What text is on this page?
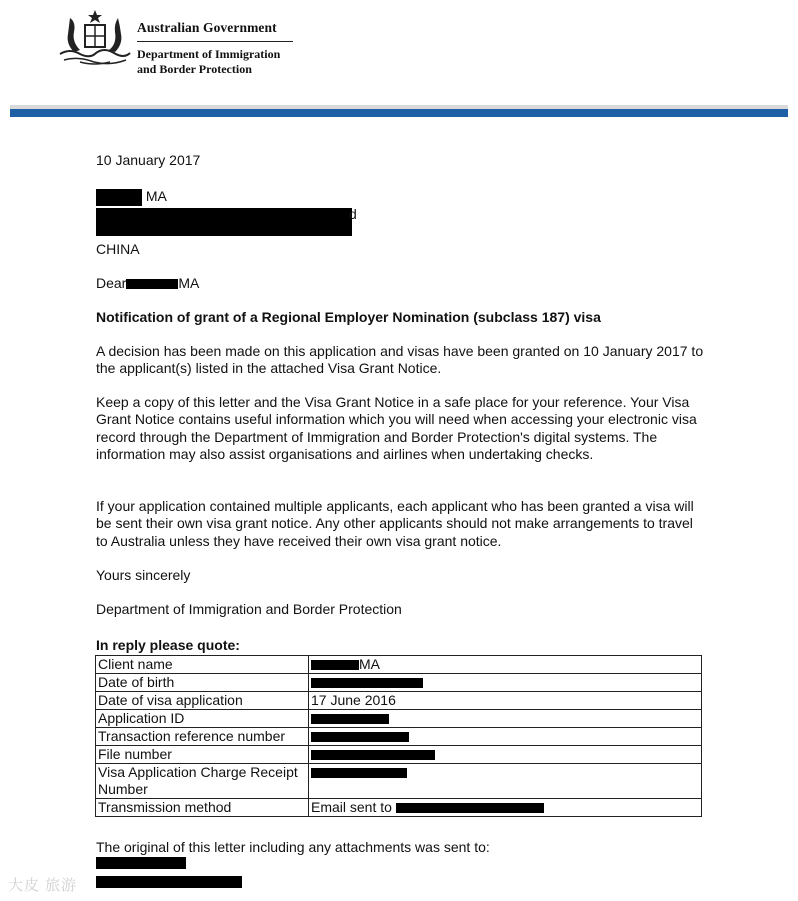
Australian Government
Department of Immigration
and Border Protection
10 January 2017
MA
d
CHINA
Dear	MA
Notification of grant of a Regional Employer Nomination (subclass 187) visa
A decision has been made on this application and visas have been granted on 10 January 2017 to the applicant(s) listed in the attached Visa Grant Notice.
Keep a copy of this letter and the Visa Grant Notice in a safe place for your reference. Your Visa Grant Notice contains useful information which you will need when accessing your electronic visa record through the Department of Immigration and Border Protection's digital systems. The information may also assist organisations and airlines when undertaking checks.
If your application contained multiple applicants, each applicant who has been granted a visa will be sent their own visa grant notice. Any other applicants should not make arrangements to travel to Australia unless they have received their own visa grant notice.
Yours sincerely
Department of Immigration and Border Protection
In reply please quote:
Client name	MA
Date of birth	
Date of visa application	17 June 2016
Application ID	
Transaction reference number	
File number	
Visa Application Charge Receipt Number	
Transmission method	Email sent to
The original of this letter including any attachments was sent to:
大皮 旅游
